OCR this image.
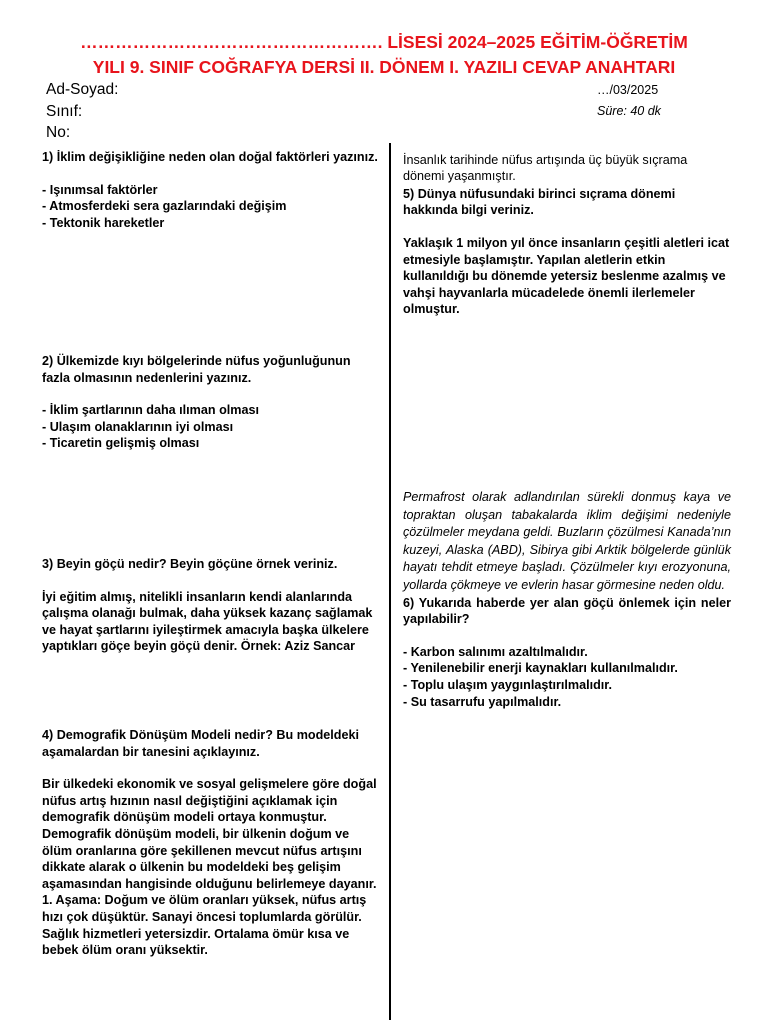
……………………………………………. LİSESİ 2024–2025 EĞİTİM-ÖĞRETİM
YILI 9. SINIF COĞRAFYA DERSİ II. DÖNEM I. YAZILI CEVAP ANAHTARI
Ad-Soyad:
Sınıf:
No:
…/03/2025
Süre: 40 dk

1) İklim değişikliğine neden olan doğal faktörleri yazınız.

- Işınımsal faktörler

- Atmosferdeki sera gazlarındaki değişim

- Tektonik hareketler

2) Ülkemizde kıyı bölgelerinde nüfus yoğunluğunun fazla olmasının nedenlerini yazınız.

- İklim şartlarının daha ılıman olması

- Ulaşım olanaklarının iyi olması

- Ticaretin gelişmiş olması

3) Beyin göçü nedir? Beyin göçüne örnek veriniz.

İyi eğitim almış, nitelikli insanların kendi alanlarında çalışma olanağı bulmak, daha yüksek kazanç sağlamak ve hayat şartlarını iyileştirmek amacıyla başka ülkelere yaptıkları göçe beyin göçü denir. Örnek: Aziz Sancar

4) Demografik Dönüşüm Modeli nedir? Bu modeldeki aşamalardan bir tanesini açıklayınız.

Bir ülkedeki ekonomik ve sosyal gelişmelere göre doğal nüfus artış hızının nasıl değiştiğini açıklamak için demografik dönüşüm modeli ortaya konmuştur. Demografik dönüşüm modeli, bir ülkenin doğum ve ölüm oranlarına göre şekillenen mevcut nüfus artışını dikkate alarak o ülkenin bu modeldeki beş gelişim aşamasından hangisinde olduğunu belirlemeye dayanır.

1. Aşama: Doğum ve ölüm oranları yüksek, nüfus artış hızı çok düşüktür. Sanayi öncesi toplumlarda görülür. Sağlık hizmetleri yetersizdir. Ortalama ömür kısa ve bebek ölüm oranı yüksektir.

İnsanlık tarihinde nüfus artışında üç büyük sıçrama dönemi yaşanmıştır.

5) Dünya nüfusundaki birinci sıçrama dönemi hakkında bilgi veriniz.

Yaklaşık 1 milyon yıl önce insanların çeşitli aletleri icat etmesiyle başlamıştır. Yapılan aletlerin etkin kullanıldığı bu dönemde yetersiz beslenme azalmış ve vahşi hayvanlarla mücadelede önemli ilerlemeler olmuştur.

Permafrost olarak adlandırılan sürekli donmuş kaya ve topraktan oluşan tabakalarda iklim değişimi nedeniyle çözülmeler meydana geldi. Buzların çözülmesi Kanada’nın kuzeyi, Alaska (ABD), Sibirya gibi Arktik bölgelerde günlük hayatı tehdit etmeye başladı. Çözülmeler kıyı erozyonuna, yollarda çökmeye ve evlerin hasar görmesine neden oldu.

6) Yukarıda haberde yer alan göçü önlemek için neler yapılabilir?

- Karbon salınımı azaltılmalıdır.

- Yenilenebilir enerji kaynakları kullanılmalıdır.

- Toplu ulaşım yaygınlaştırılmalıdır.

- Su tasarrufu yapılmalıdır.
